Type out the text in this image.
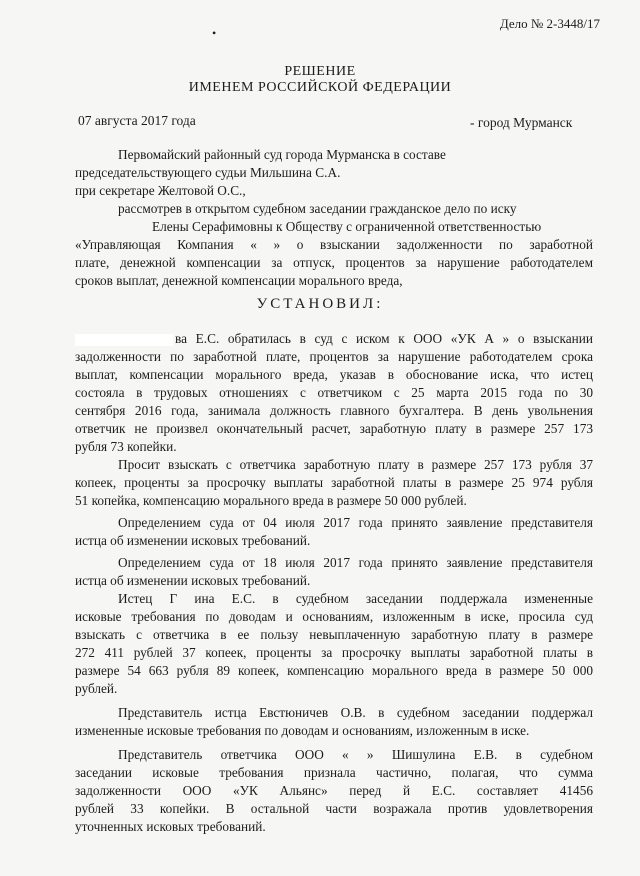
Дело № 2-3448/17
•
РЕШЕНИЕ
ИМЕНЕМ РОССИЙСКОЙ ФЕДЕРАЦИИ
07 августа 2017 года	- город Мурманск
Первомайский районный суд города Мурманска в составе
председательствующего судьи Мильшина С.А.
при секретаре Желтовой О.С.,
рассмотрев в открытом судебном заседании гражданское дело по иску
Елены Серафимовны к Обществу с ограниченной ответственностью
«Управляющая Компания « » о взыскании задолженности по заработной
плате, денежной компенсации за отпуск, процентов за нарушение работодателем
сроков выплат, денежной компенсации морального вреда,
УСТАНОВИЛ:
ва Е.С. обратилась в суд с иском к ООО «УК А » о взыскании
задолженности по заработной плате, процентов за нарушение работодателем срока
выплат, компенсации морального вреда, указав в обоснование иска, что истец
состояла в трудовых отношениях с ответчиком с 25 марта 2015 года по 30
сентября 2016 года, занимала должность главного бухгалтера. В день увольнения
ответчик не произвел окончательный расчет, заработную плату в размере 257 173
рубля 73 копейки.
Просит взыскать с ответчика заработную плату в размере 257 173 рубля 37
копеек, проценты за просрочку выплаты заработной платы в размере 25 974 рубля
51 копейка, компенсацию морального вреда в размере 50 000 рублей.
Определением суда от 04 июля 2017 года принято заявление представителя
истца об изменении исковых требований.
Определением суда от 18 июля 2017 года принято заявление представителя
истца об изменении исковых требований.
Истец Г ина Е.С. в судебном заседании поддержала измененные
исковые требования по доводам и основаниям, изложенным в иске, просила суд
взыскать с ответчика в ее пользу невыплаченную заработную плату в размере
272 411 рублей 37 копеек, проценты за просрочку выплаты заработной платы в
размере 54 663 рубля 89 копеек, компенсацию морального вреда в размере 50 000
рублей.
Представитель истца Евстюничев О.В. в судебном заседании поддержал
измененные исковые требования по доводам и основаниям, изложенным в иске.
Представитель ответчика ООО « » Шишулина Е.В. в судебном
заседании исковые требования признала частично, полагая, что сумма
задолженности ООО «УК Альянс» перед й Е.С. составляет 41456
рублей 33 копейки. В остальной части возражала против удовлетворения
уточненных исковых требований.
